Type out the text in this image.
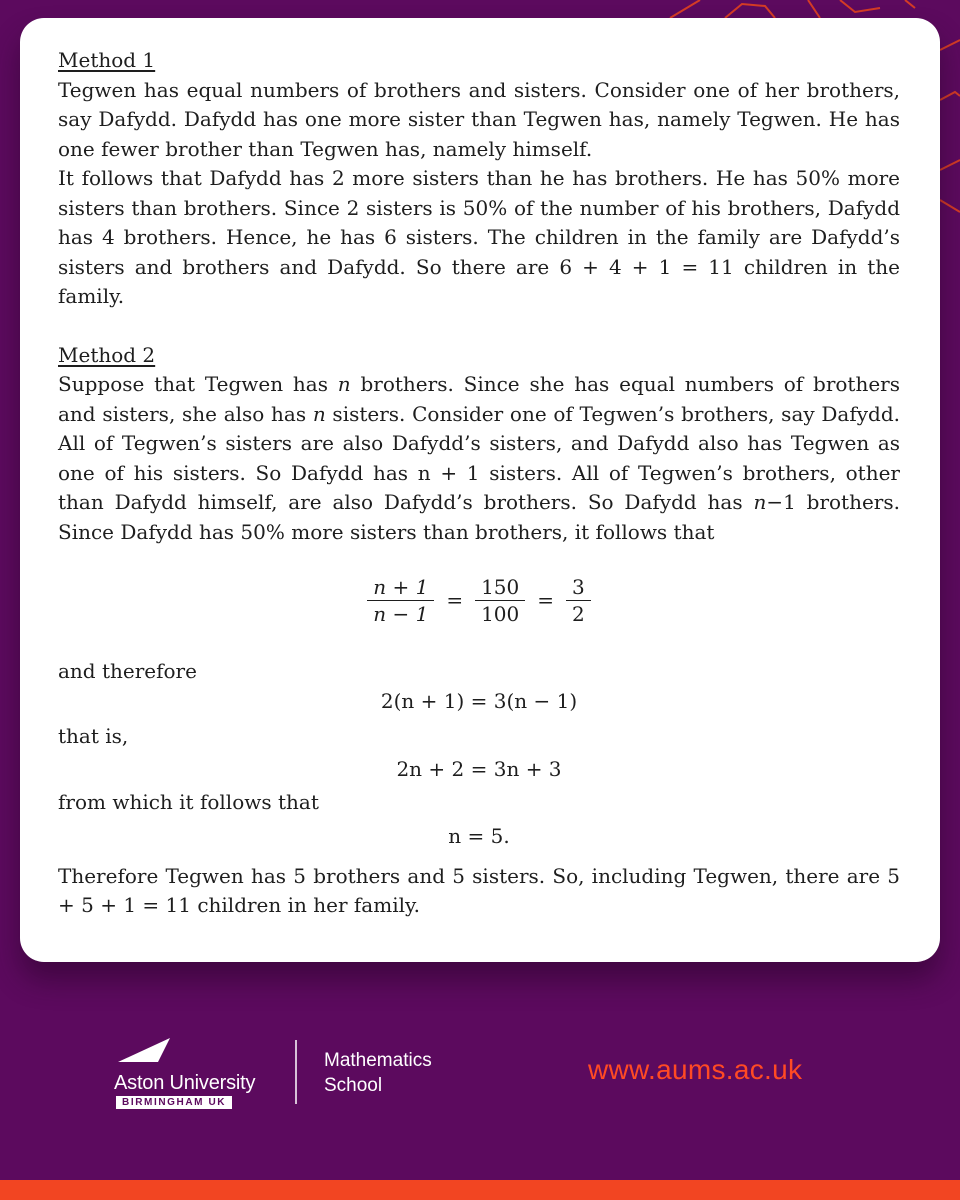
Method 1

Tegwen has equal numbers of brothers and sisters. Consider one of her brothers, say Dafydd. Dafydd has one more sister than Tegwen has, namely Tegwen. He has one fewer brother than Tegwen has, namely himself.

It follows that Dafydd has 2 more sisters than he has brothers. He has 50% more sisters than brothers. Since 2 sisters is 50% of the number of his brothers, Dafydd has 4 brothers. Hence, he has 6 sisters. The children in the family are Dafydd’s sisters and brothers and Dafydd. So there are 6 + 4 + 1 = 11 children in the family.

Method 2

Suppose that Tegwen has n brothers. Since she has equal numbers of brothers and sisters, she also has n sisters. Consider one of Tegwen’s brothers, say Dafydd. All of Tegwen’s sisters are also Dafydd’s sisters, and Dafydd also has Tegwen as one of his sisters. So Dafydd has n + 1 sisters. All of Tegwen’s brothers, other than Dafydd himself, are also Dafydd’s brothers. So Dafydd has n−1 brothers. Since Dafydd has 50% more sisters than brothers, it follows that

$\frac{n + 1}{n - 1} = \frac{150}{100} = \frac{3}{2}$

and therefore

2(n + 1) = 3(n − 1)

that is,

2n + 2 = 3n + 3

from which it follows that

n = 5.

Therefore Tegwen has 5 brothers and 5 sisters. So, including Tegwen, there are 5 + 5 + 1 = 11 children in her family.

Aston University
BIRMINGHAM UK
Mathematics
School
www.aums.ac.uk
